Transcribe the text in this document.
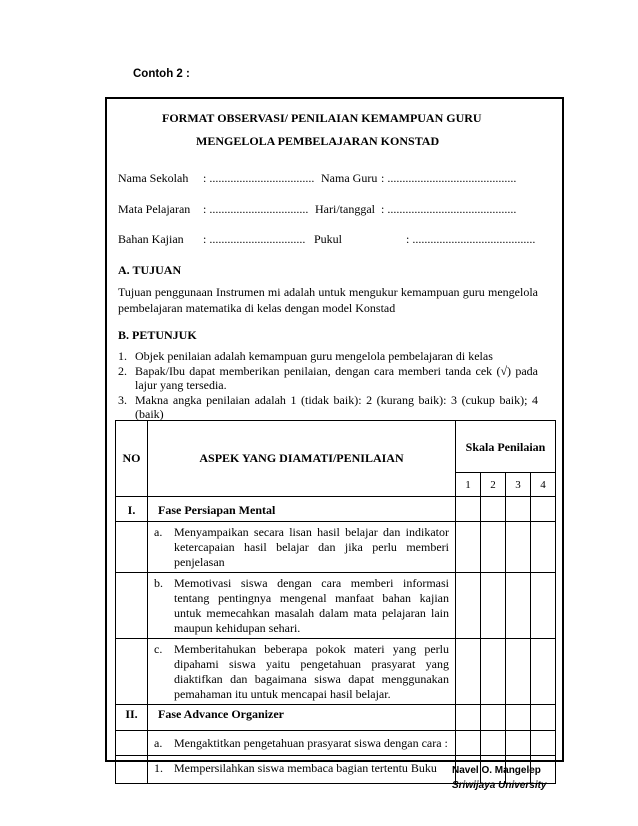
Contoh 2 :
FORMAT OBSERVASI/ PENILAIAN KEMAMPUAN GURU
MENGELOLA PEMBELAJARAN KONSTAD
Nama Sekolah : ................................... Nama Guru : ...........................................
Mata Pelajaran : ................................. Hari/tanggal : ...........................................
Bahan Kajian : ................................ Pukul	: .........................................
A. TUJUAN
Tujuan penggunaan Instrumen mi adalah untuk mengukur kemampuan guru mengelola pembelajaran matematika di kelas dengan model Konstad
B. PETUNJUK
1. Objek penilaian adalah kemampuan guru mengelola pembelajaran di kelas
2. Bapak/Ibu dapat memberikan penilaian, dengan cara memberi tanda cek (√) pada lajur yang tersedia.
3. Makna angka penilaian adalah 1 (tidak baik): 2 (kurang baik): 3 (cukup baik); 4 (baik)
NO	ASPEK YANG DIAMATI/PENILAIAN	Skala Penilaian			
		1	2	3	4
I.	Fase Persiapan Mental				

	a. Menyampaikan secara lisan hasil belajar dan indikator ketercapaian hasil belajar dan jika perlu memberi penjelasan				

	b. Memotivasi siswa dengan cara memberi informasi tentang pentingnya mengenal manfaat bahan kajian untuk memecahkan masalah dalam mata pelajaran lain maupun kehidupan sehari.				

	c. Memberitahukan beberapa pokok materi yang perlu dipahami siswa yaitu pengetahuan prasyarat yang diaktifkan dan bagaimana siswa dapat menggunakan pemahaman itu untuk mencapai hasil belajar.				
II.	Fase Advance Organizer				

	a. Mengaktitkan pengetahuan prasyarat siswa dengan cara :				

	1. Mempersilahkan siswa membaca bagian tertentu Buku				Navel O. Mangelep
Sriwijaya University
